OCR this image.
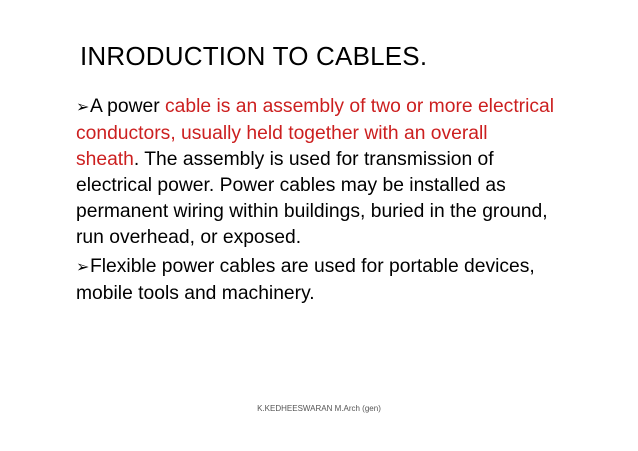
INRODUCTION TO CABLES.

➢A power cable is an assembly of two or more electrical conductors, usually held together with an overall sheath. The assembly is used for transmission of electrical power. Power cables may be installed as permanent wiring within buildings, buried in the ground, run overhead, or exposed.

➢Flexible power cables are used for portable devices, mobile tools and machinery.

K.KEDHEESWARAN M.Arch (gen)
